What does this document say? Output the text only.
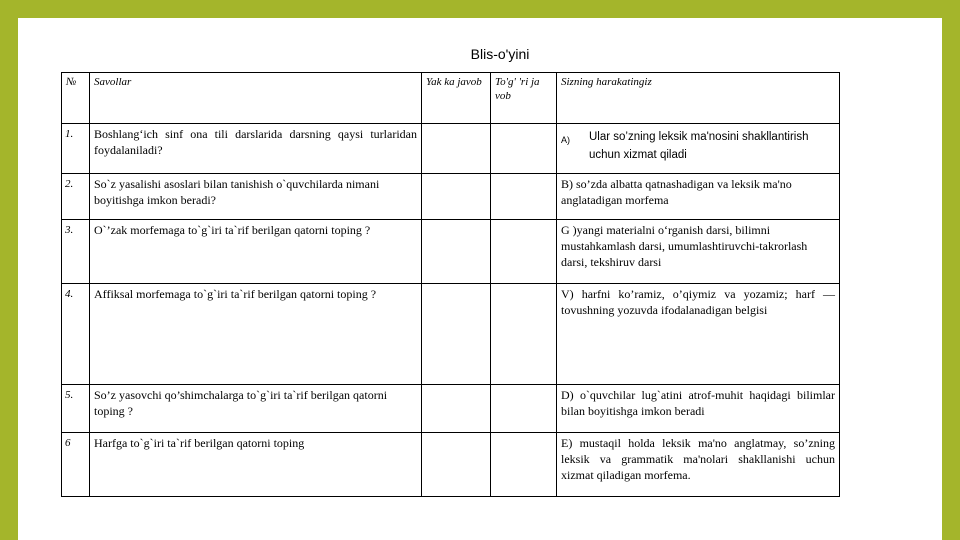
Blis-o'yini
№	Savollar	Yak ka javob	To'g' 'ri ja vob	Sizning harakatingiz
1.	Boshlang‘ich sinf ona tili darslarida darsning qaysi turlaridan foydalaniladi?			A) Ular so’zning leksik ma'nosini shakllantirish uchun xizmat qiladi

2.	So`z yasalishi asoslari bilan tanishish o`quvchilarda nimani boyitishga imkon beradi?			B) so’zda albatta qatnashadigan va leksik ma'no anglatadigan morfema
3.	O`’zak morfemaga to`g`iri ta`rif berilgan qatorni toping ?			G )yangi materialni o‘rganish darsi, bilimni mustahkamlash darsi, umumlashtiruvchi-takrorlash darsi, tekshiruv darsi
4.	Affiksal morfemaga to`g`iri ta`rif berilgan qatorni toping ?			V) harfni ko’ramiz, o’qiymiz va yozamiz; harf — tovushning yozuvda ifodalanadigan belgisi
5.	So’z yasovchi qo’shimchalarga to`g`iri ta`rif berilgan qatorni toping ?			D) o`quvchilar lug`atini atrof-muhit haqidagi bilimlar bilan boyitishga imkon beradi
6	Harfga to`g`iri ta`rif berilgan qatorni toping			E) mustaqil holda leksik ma'no anglatmay, so’zning leksik va grammatik ma'nolari shakllanishi uchun xizmat qiladigan morfema.
